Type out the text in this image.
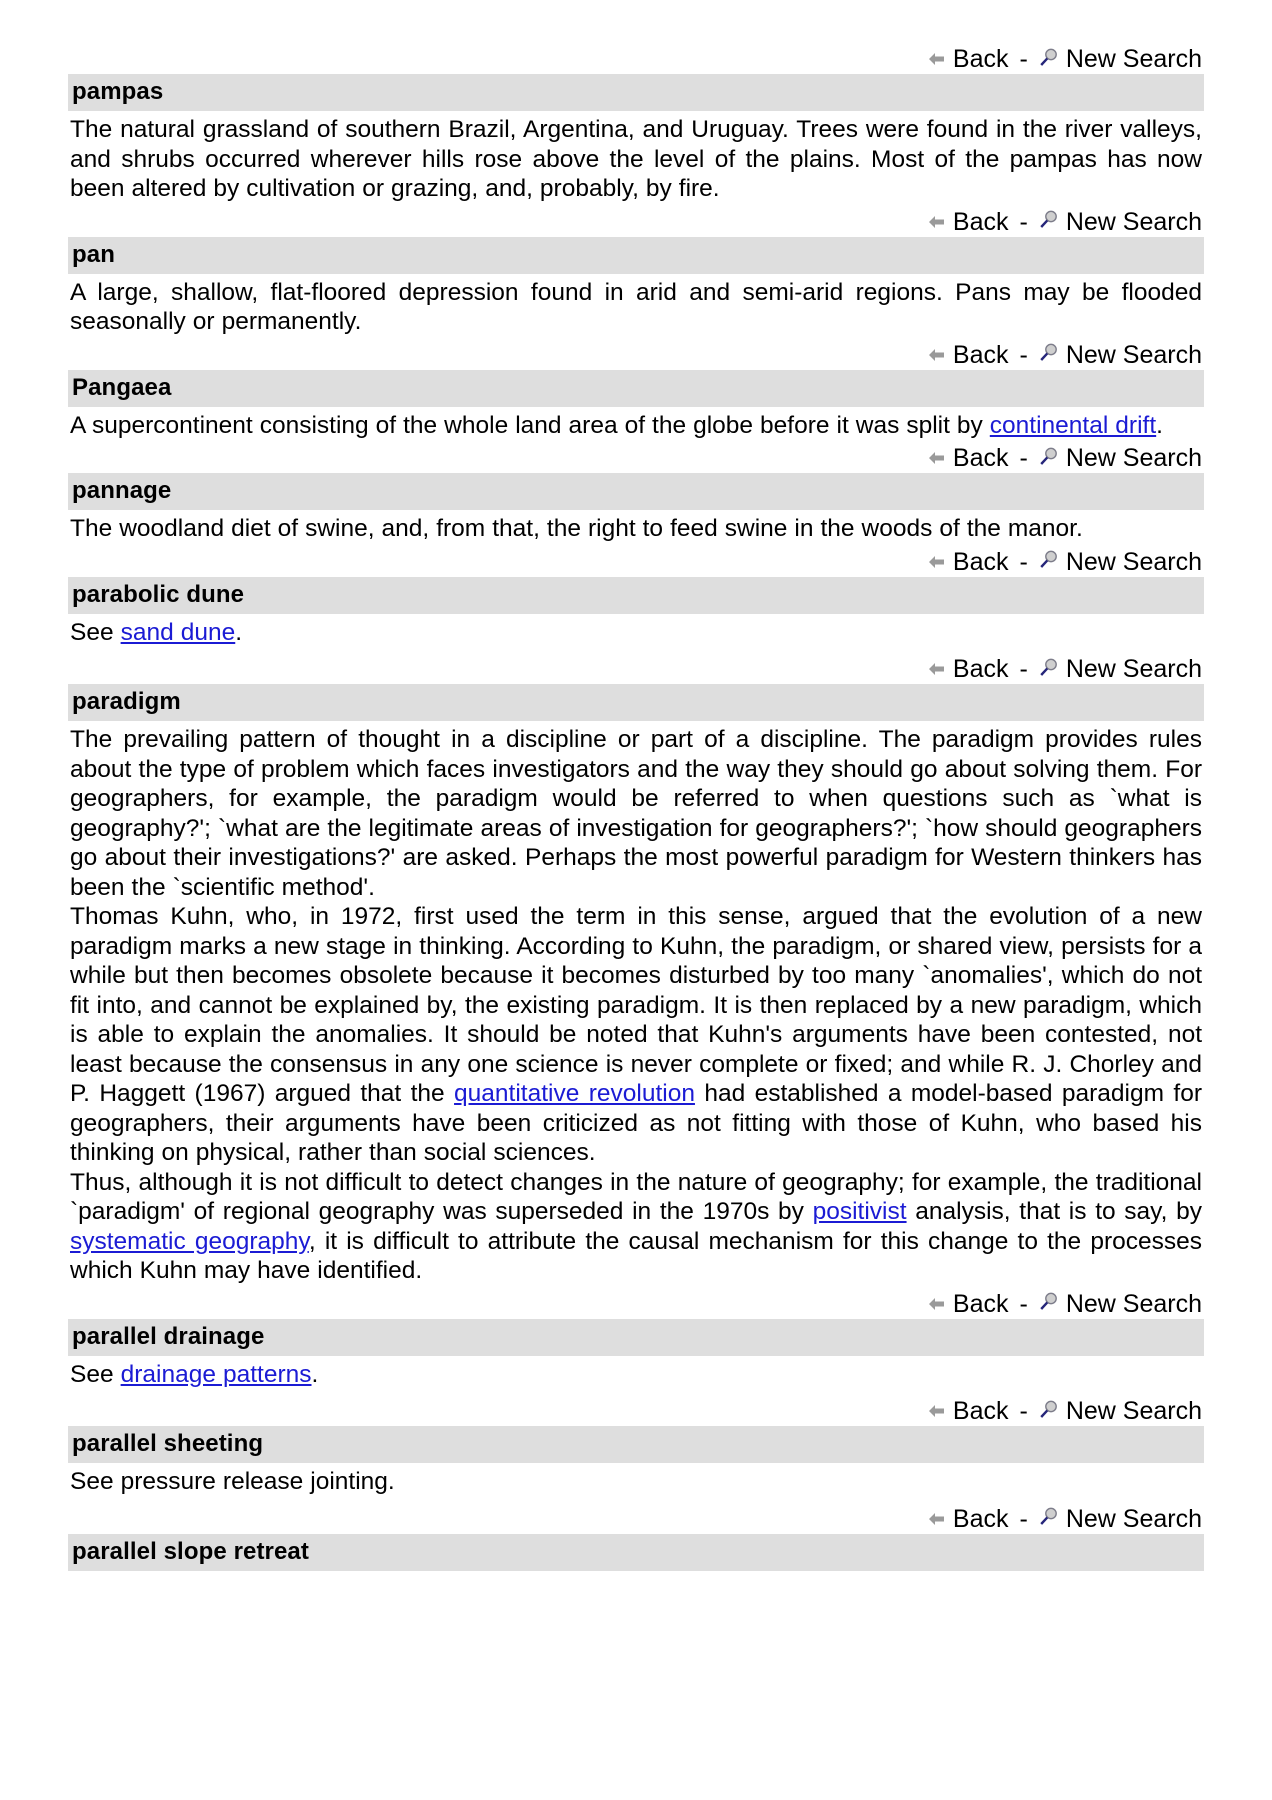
Back - New Search
pampas

The natural grassland of southern Brazil, Argentina, and Uruguay. Trees were found in the river valleys, and shrubs occurred wherever hills rose above the level of the plains. Most of the pampas has now been altered by cultivation or grazing, and, probably, by fire.

Back - New Search
pan

A large, shallow, flat-floored depression found in arid and semi-arid regions. Pans may be flooded seasonally or permanently.

Back - New Search
Pangaea

A supercontinent consisting of the whole land area of the globe before it was split by continental drift.

Back - New Search
pannage

The woodland diet of swine, and, from that, the right to feed swine in the woods of the manor.

Back - New Search
parabolic dune

See sand dune.

Back - New Search
paradigm

The prevailing pattern of thought in a discipline or part of a discipline. The paradigm provides rules about the type of problem which faces investigators and the way they should go about solving them. For geographers, for example, the paradigm would be referred to when questions such as `what is geography?'; `what are the legitimate areas of investigation for geographers?'; `how should geographers go about their investigations?' are asked. Perhaps the most powerful paradigm for Western thinkers has been the `scientific method'.

Thomas Kuhn, who, in 1972, first used the term in this sense, argued that the evolution of a new paradigm marks a new stage in thinking. According to Kuhn, the paradigm, or shared view, persists for a while but then becomes obsolete because it becomes disturbed by too many `anomalies', which do not fit into, and cannot be explained by, the existing paradigm. It is then replaced by a new paradigm, which is able to explain the anomalies. It should be noted that Kuhn's arguments have been contested, not least because the consensus in any one science is never complete or fixed; and while R. J. Chorley and P. Haggett (1967) argued that the quantitative revolution had established a model-based paradigm for geographers, their arguments have been criticized as not fitting with those of Kuhn, who based his thinking on physical, rather than social sciences.

Thus, although it is not difficult to detect changes in the nature of geography; for example, the traditional `paradigm' of regional geography was superseded in the 1970s by positivist analysis, that is to say, by systematic geography, it is difficult to attribute the causal mechanism for this change to the processes which Kuhn may have identified.

Back - New Search
parallel drainage

See drainage patterns.

Back - New Search
parallel sheeting

See pressure release jointing.

Back - New Search
parallel slope retreat
